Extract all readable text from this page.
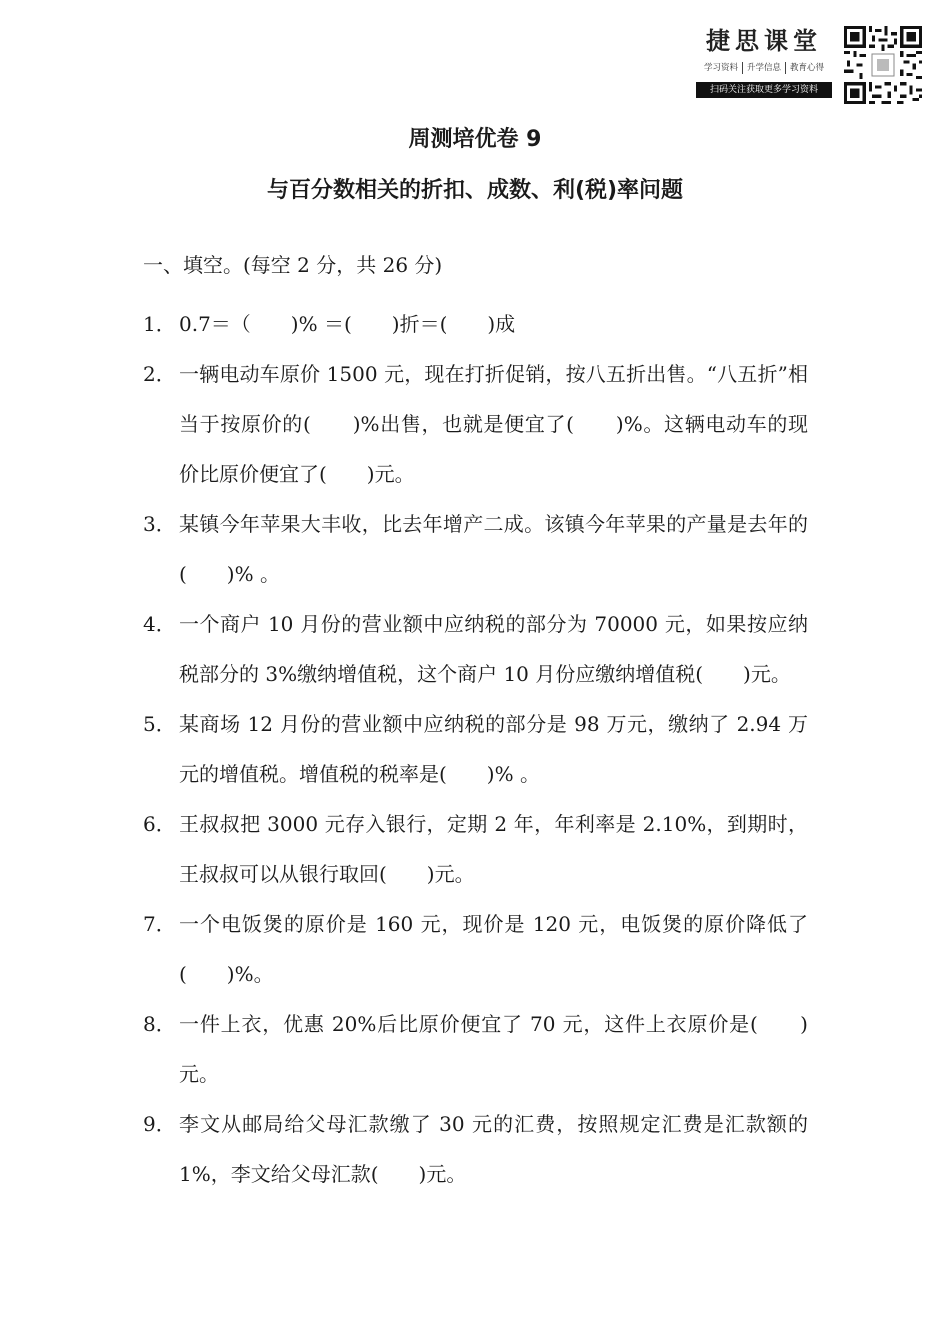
捷思课堂
学习资料	升学信息	教育心得
扫码关注获取更多学习资料
周测培优卷 9
与百分数相关的折扣、成数、利(税)率问题
一、填空。(每空 2 分，共 26 分)
1． 0.7＝（　　)% ＝(　　)折＝(　　)成
2． 一辆电动车原价 1500 元，现在打折促销，按八五折出售。“八五折”相当于按原价的(　　)%出售，也就是便宜了(　　)%。这辆电动车的现价比原价便宜了(　　)元。
3． 某镇今年苹果大丰收，比去年增产二成。该镇今年苹果的产量是去年的(　　)% 。
4． 一个商户 10 月份的营业额中应纳税的部分为 70000 元，如果按应纳税部分的 3%缴纳增值税，这个商户 10 月份应缴纳增值税(　　)元。
5． 某商场 12 月份的营业额中应纳税的部分是 98 万元，缴纳了 2.94 万元的增值税。增值税的税率是(　　)% 。
6． 王叔叔把 3000 元存入银行，定期 2 年，年利率是 2.10%，到期时，王叔叔可以从银行取回(　　)元。
7． 一个电饭煲的原价是 160 元，现价是 120 元，电饭煲的原价降低了(　　)%。
8． 一件上衣，优惠 20%后比原价便宜了 70 元，这件上衣原价是(　　)元。
9． 李文从邮局给父母汇款缴了 30 元的汇费，按照规定汇费是汇款额的 1%，李文给父母汇款(　　)元。
